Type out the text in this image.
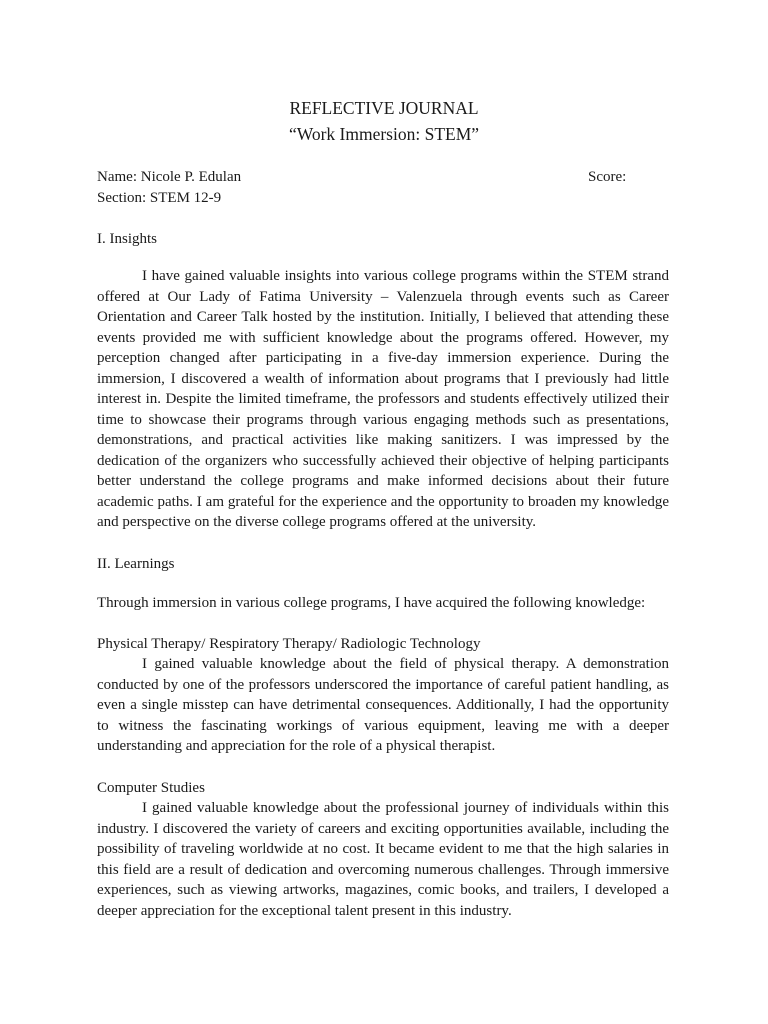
REFLECTIVE JOURNAL
“Work Immersion: STEM”
Name: Nicole P. Edulan	Score:
Section: STEM 12-9
I. Insights

I have gained valuable insights into various college programs within the STEM strand offered at Our Lady of Fatima University – Valenzuela through events such as Career Orientation and Career Talk hosted by the institution. Initially, I believed that attending these events provided me with sufficient knowledge about the programs offered. However, my perception changed after participating in a five-day immersion experience. During the immersion, I discovered a wealth of information about programs that I previously had little interest in. Despite the limited timeframe, the professors and students effectively utilized their time to showcase their programs through various engaging methods such as presentations, demonstrations, and practical activities like making sanitizers. I was impressed by the dedication of the organizers who successfully achieved their objective of helping participants better understand the college programs and make informed decisions about their future academic paths. I am grateful for the experience and the opportunity to broaden my knowledge and perspective on the diverse college programs offered at the university.

II. Learnings
Through immersion in various college programs, I have acquired the following knowledge:
Physical Therapy/ Respiratory Therapy/ Radiologic Technology

I gained valuable knowledge about the field of physical therapy. A demonstration conducted by one of the professors underscored the importance of careful patient handling, as even a single misstep can have detrimental consequences. Additionally, I had the opportunity to witness the fascinating workings of various equipment, leaving me with a deeper understanding and appreciation for the role of a physical therapist.

Computer Studies

I gained valuable knowledge about the professional journey of individuals within this industry. I discovered the variety of careers and exciting opportunities available, including the possibility of traveling worldwide at no cost. It became evident to me that the high salaries in this field are a result of dedication and overcoming numerous challenges. Through immersive experiences, such as viewing artworks, magazines, comic books, and trailers, I developed a deeper appreciation for the exceptional talent present in this industry.
